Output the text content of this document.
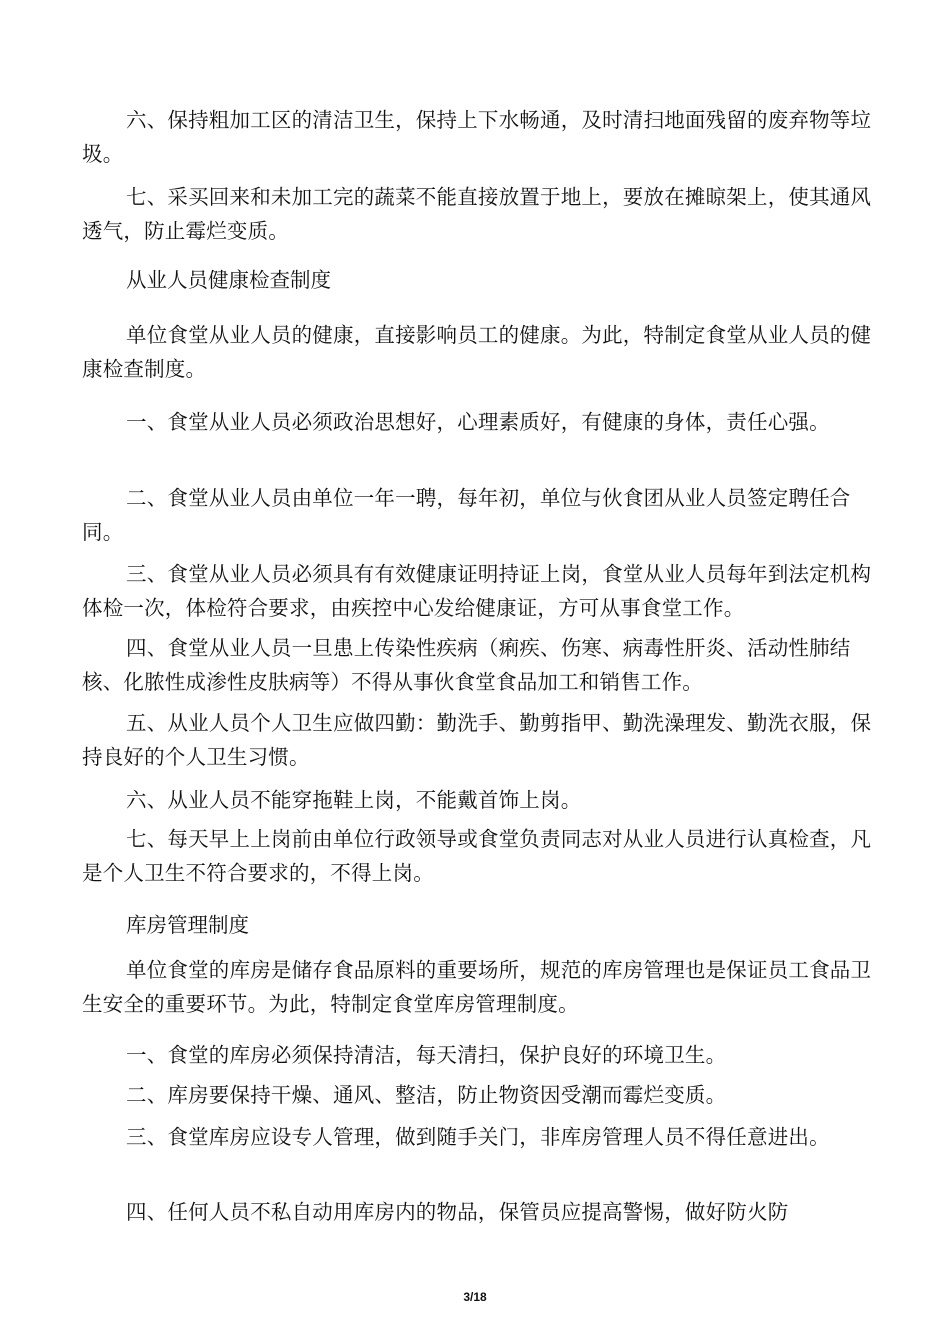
六、保持粗加工区的清洁卫生，保持上下水畅通，及时清扫地面残留的废弃物等垃圾。

七、采买回来和未加工完的蔬菜不能直接放置于地上，要放在摊晾架上，使其通风透气，防止霉烂变质。

从业人员健康检查制度

单位食堂从业人员的健康，直接影响员工的健康。为此，特制定食堂从业人员的健康检查制度。

一、食堂从业人员必须政治思想好，心理素质好，有健康的身体，责任心强。

二、食堂从业人员由单位一年一聘，每年初，单位与伙食团从业人员签定聘任合同。

三、食堂从业人员必须具有有效健康证明持证上岗，食堂从业人员每年到法定机构体检一次，体检符合要求，由疾控中心发给健康证，方可从事食堂工作。

四、食堂从业人员一旦患上传染性疾病（痢疾、伤寒、病毒性肝炎、活动性肺结核、化脓性成渗性皮肤病等）不得从事伙食堂食品加工和销售工作。

五、从业人员个人卫生应做四勤：勤洗手、勤剪指甲、勤洗澡理发、勤洗衣服，保持良好的个人卫生习惯。

六、从业人员不能穿拖鞋上岗，不能戴首饰上岗。

七、每天早上上岗前由单位行政领导或食堂负责同志对从业人员进行认真检查，凡是个人卫生不符合要求的，不得上岗。

库房管理制度

单位食堂的库房是储存食品原料的重要场所，规范的库房管理也是保证员工食品卫生安全的重要环节。为此，特制定食堂库房管理制度。

一、食堂的库房必须保持清洁，每天清扫，保护良好的环境卫生。

二、库房要保持干燥、通风、整洁，防止物资因受潮而霉烂变质。

三、食堂库房应设专人管理，做到随手关门，非库房管理人员不得任意进出。

四、任何人员不私自动用库房内的物品，保管员应提高警惕，做好防火防

3/18
